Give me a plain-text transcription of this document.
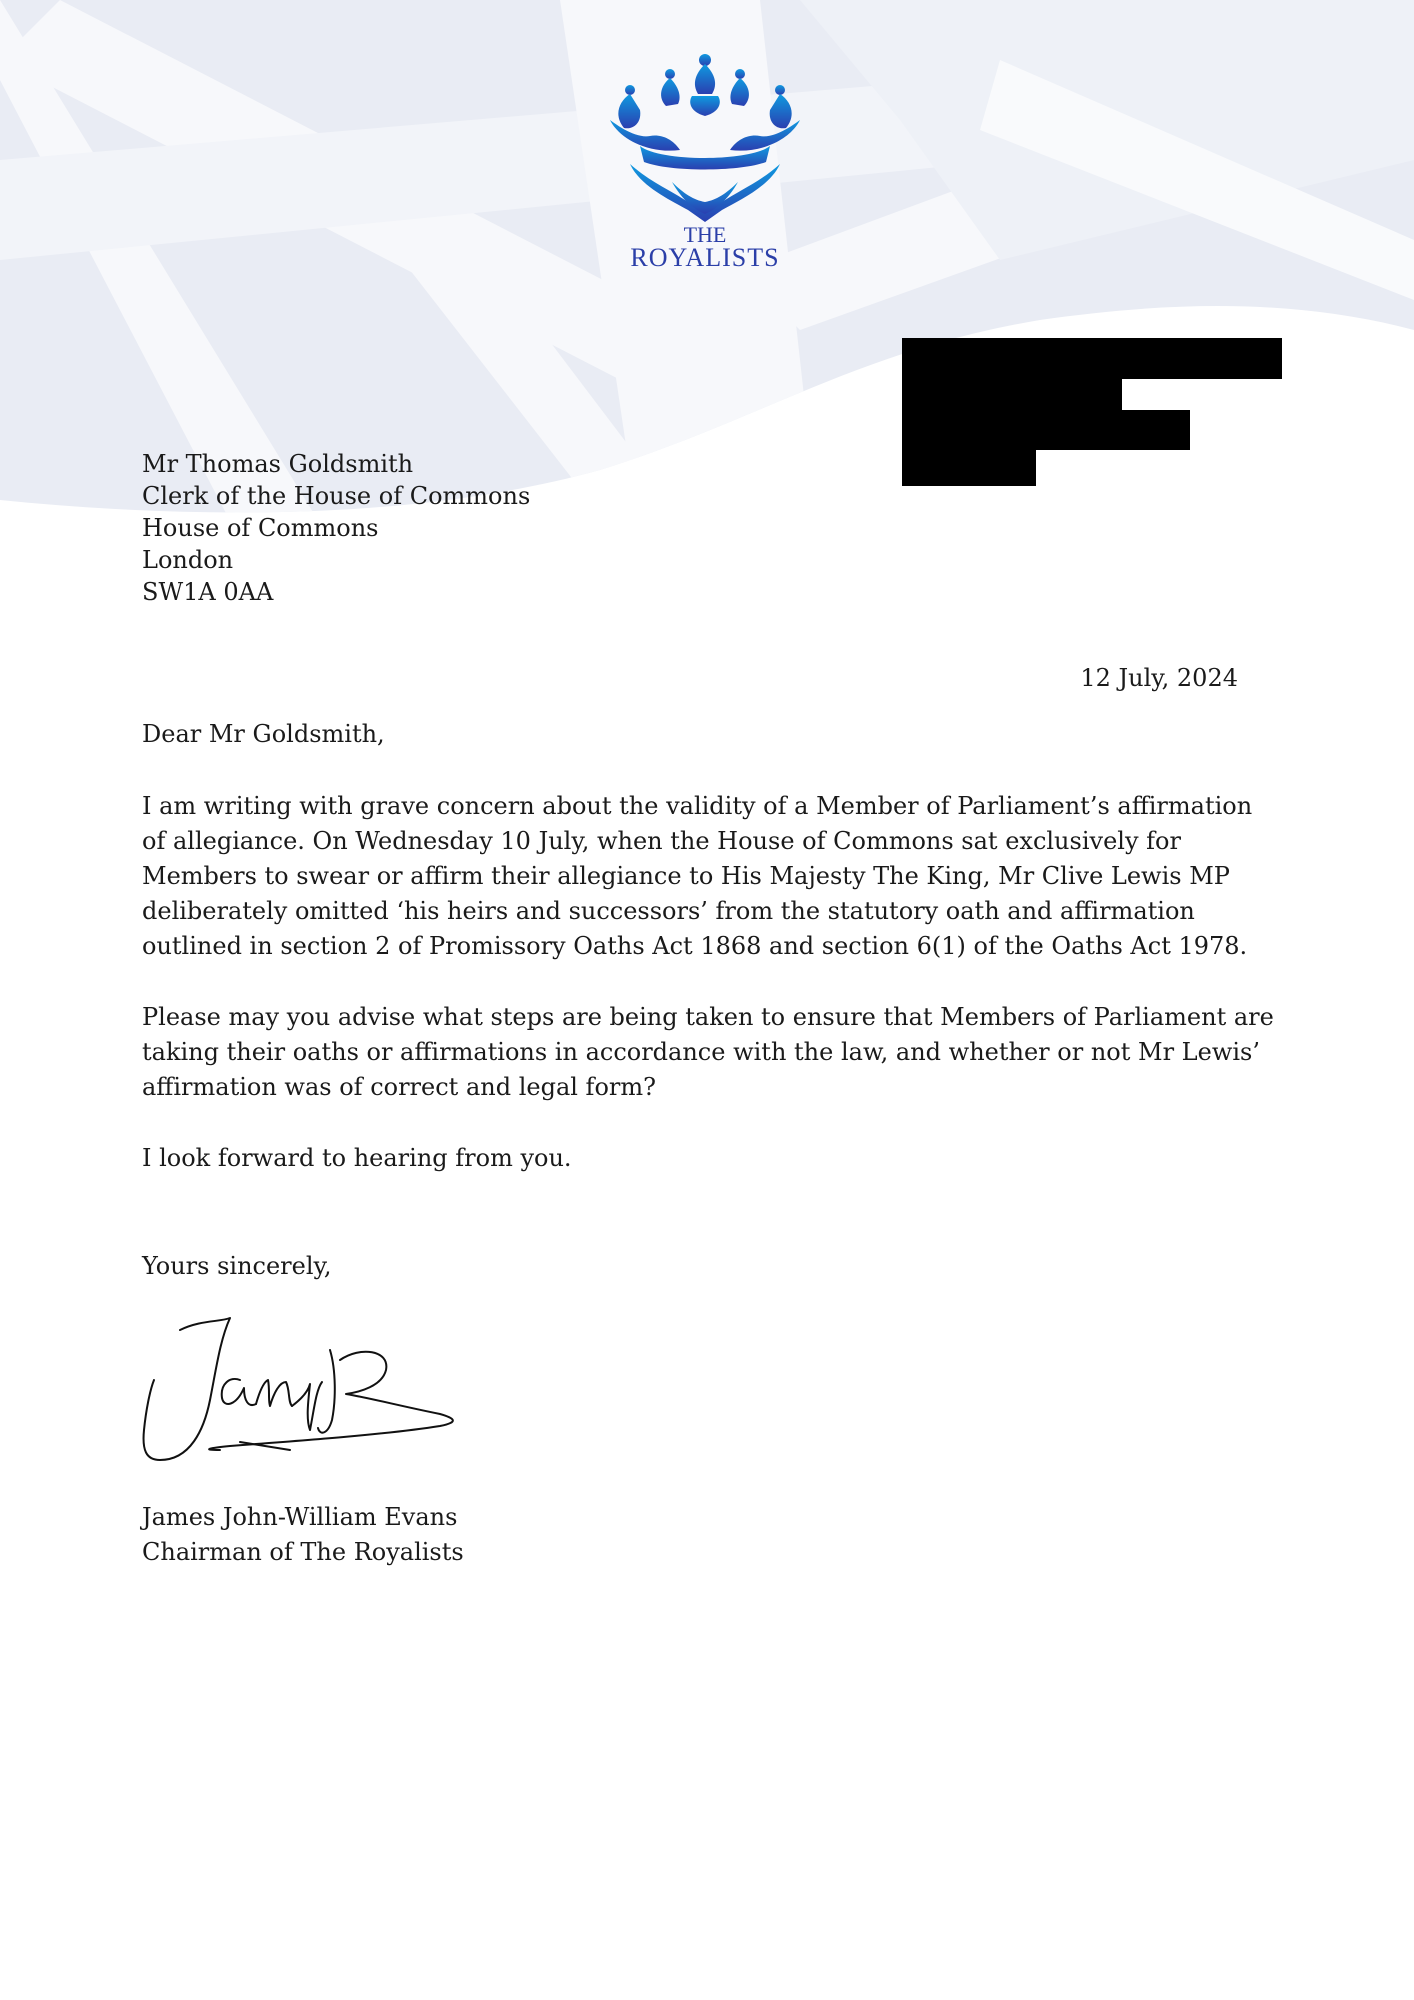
THE
ROYALISTS
Mr Thomas Goldsmith
Clerk of the House of Commons
House of Commons
London
SW1A 0AA
12 July, 2024
Dear Mr Goldsmith,
I am writing with grave concern about the validity of a Member of Parliament’s affirmation of allegiance. On Wednesday 10 July, when the House of Commons sat exclusively for Members to swear or affirm their allegiance to His Majesty The King, Mr Clive Lewis MP deliberately omitted ‘his heirs and successors’ from the statutory oath and affirmation outlined in section 2 of Promissory Oaths Act 1868 and section 6(1) of the Oaths Act 1978.
Please may you advise what steps are being taken to ensure that Members of Parliament are taking their oaths or affirmations in accordance with the law, and whether or not Mr Lewis’ affirmation was of correct and legal form?
I look forward to hearing from you.
Yours sincerely,
James John-William Evans
Chairman of The Royalists
